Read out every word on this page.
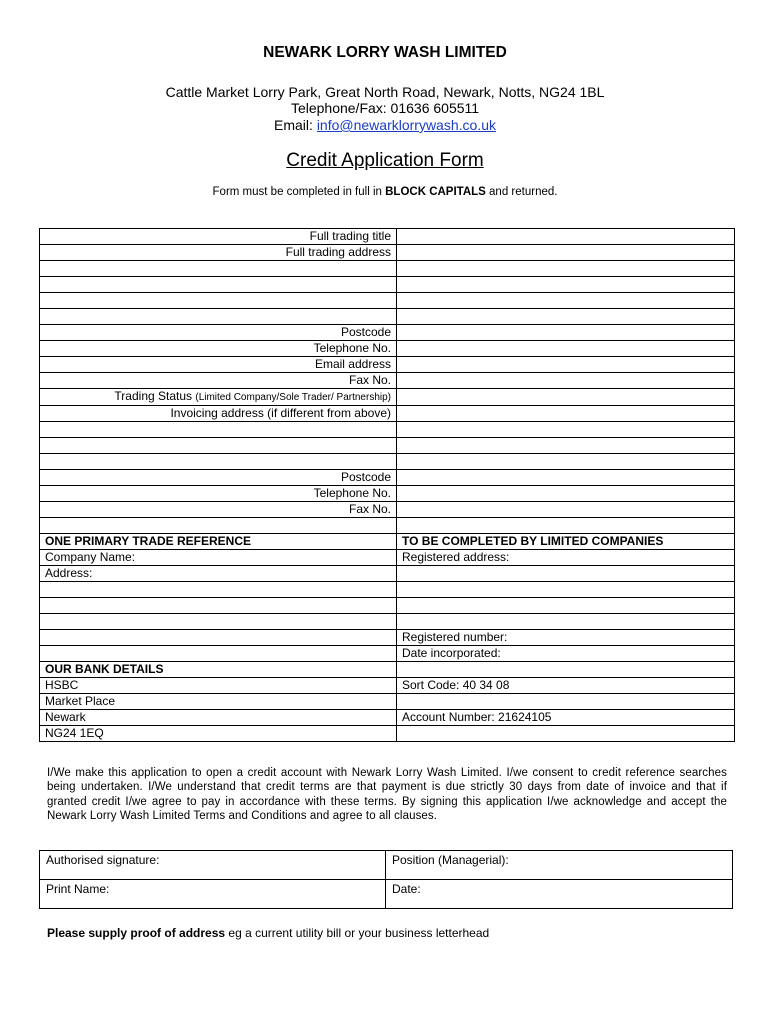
NEWARK LORRY WASH LIMITED
Cattle Market Lorry Park, Great North Road, Newark, Notts, NG24 1BL
Telephone/Fax: 01636 605511
Email: info@newarklorrywash.co.uk
Credit Application Form
Form must be completed in full in BLOCK CAPITALS and returned.
Full trading title	
Full trading address	

Postcode	
Telephone No.	
Email address	
Fax No.	
Trading Status (Limited Company/Sole Trader/ Partnership)	
Invoicing address (if different from above)	

Postcode	
Telephone No.	
Fax No.	

ONE PRIMARY TRADE REFERENCE	TO BE COMPLETED BY LIMITED COMPANIES
Company Name:	Registered address:
Address:	

	Registered number:
	Date incorporated:
OUR BANK DETAILS	
HSBC	Sort Code: 40 34 08
Market Place	
Newark	Account Number: 21624105
NG24 1EQ	
I/We make this application to open a credit account with Newark Lorry Wash Limited. I/we consent to credit reference searches being undertaken. I/We understand that credit terms are that payment is due strictly 30 days from date of invoice and that if granted credit I/we agree to pay in accordance with these terms. By signing this application I/we acknowledge and accept the Newark Lorry Wash Limited Terms and Conditions and agree to all clauses.
Authorised signature:	Position (Managerial):
Print Name:	Date:
Please supply proof of address eg a current utility bill or your business letterhead
